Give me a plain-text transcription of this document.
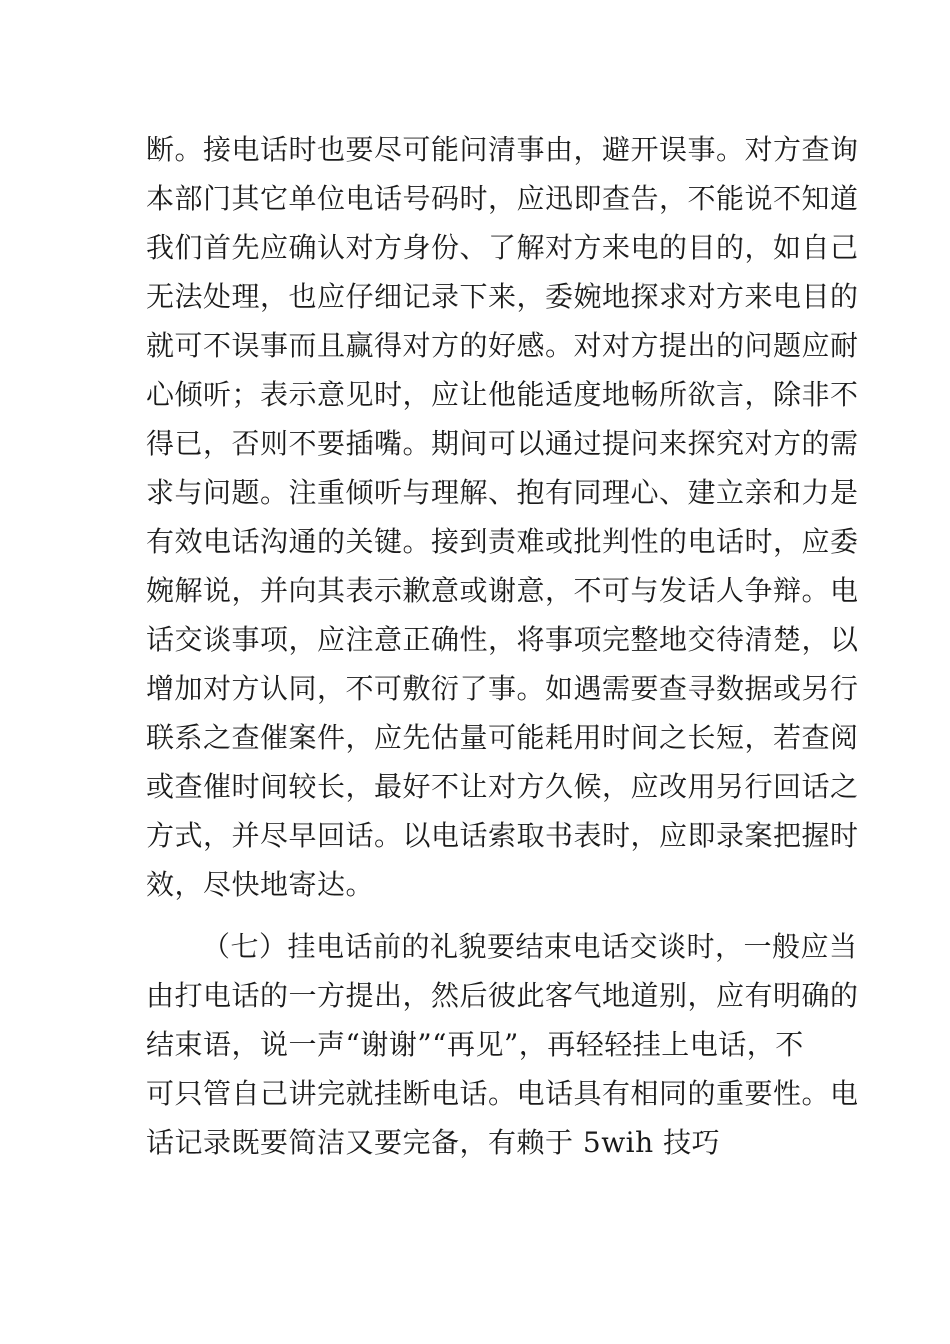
断。接电话时也要尽可能问清事由，避开误事。对方查询
本部门其它单位电话号码时，应迅即查告，不能说不知道
我们首先应确认对方身份、了解对方来电的目的，如自己
无法处理，也应仔细记录下来，委婉地探求对方来电目的
就可不误事而且赢得对方的好感。对对方提出的问题应耐
心倾听；表示意见时，应让他能适度地畅所欲言，除非不
得已，否则不要插嘴。期间可以通过提问来探究对方的需
求与问题。注重倾听与理解、抱有同理心、建立亲和力是
有效电话沟通的关键。接到责难或批判性的电话时，应委
婉解说，并向其表示歉意或谢意，不可与发话人争辩。电
话交谈事项，应注意正确性，将事项完整地交待清楚，以
增加对方认同，不可敷衍了事。如遇需要查寻数据或另行
联系之查催案件，应先估量可能耗用时间之长短，若查阅
或查催时间较长，最好不让对方久候，应改用另行回话之
方式，并尽早回话。以电话索取书表时，应即录案把握时
效，尽快地寄达。
（七）挂电话前的礼貌要结束电话交谈时，一般应当
由打电话的一方提出，然后彼此客气地道别，应有明确的
结束语，说一声“谢谢”“再见”，再轻轻挂上电话，不
可只管自己讲完就挂断电话。电话具有相同的重要性。电
话记录既要简洁又要完备，有赖于 5wih 技巧
